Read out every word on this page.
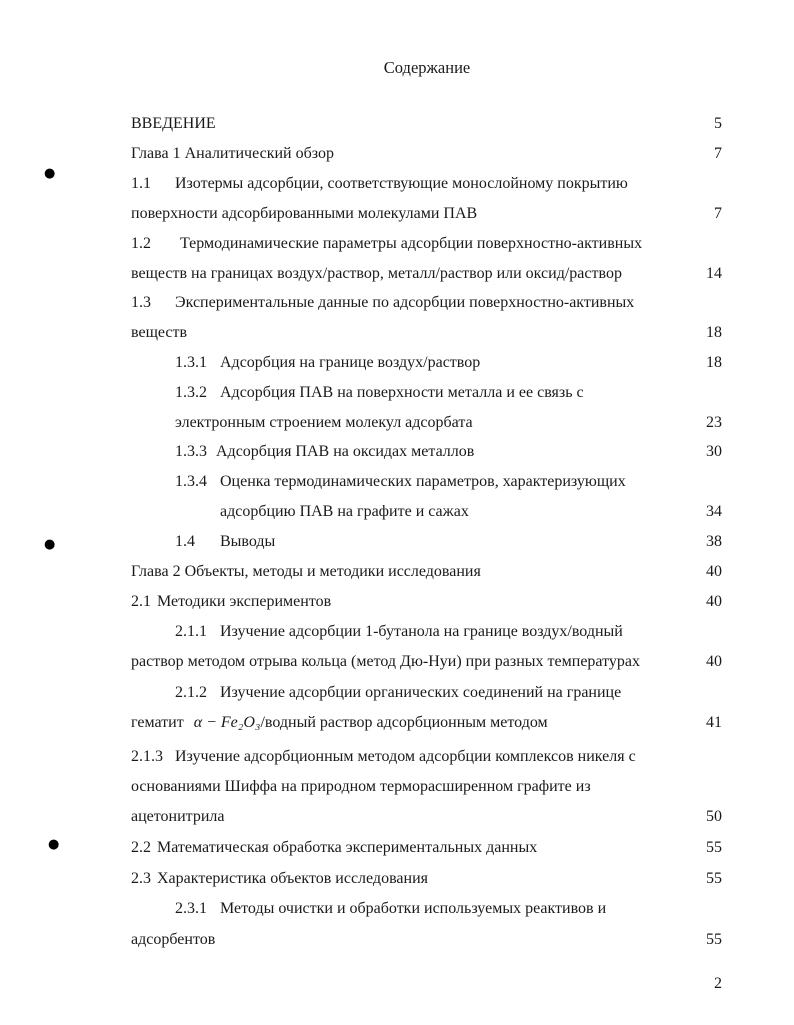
Содержание
ВВЕДЕНИЕ	5
Глава 1 Аналитический обзор	7
1.1 Изотермы адсорбции, соответствующие монослойному покрытию
поверхности адсорбированными молекулами ПАВ	7
1.2 Термодинамические параметры адсорбции поверхностно-активных
веществ на границах воздух/раствор, металл/раствор или оксид/раствор	14
1.3 Экспериментальные данные по адсорбции поверхностно-активных
веществ	18
1.3.1 Адсорбция на границе воздух/раствор	18
1.3.2 Адсорбция ПАВ на поверхности металла и ее связь с
электронным строением молекул адсорбата	23
1.3.3 Адсорбция ПАВ на оксидах металлов	30
1.3.4 Оценка термодинамических параметров, характеризующих
адсорбцию ПАВ на графите и сажах	34
1.4 Выводы	38
Глава 2 Объекты, методы и методики исследования	40
2.1 Методики экспериментов	40
2.1.1 Изучение адсорбции 1-бутанола на границе воздух/водный
раствор методом отрыва кольца (метод Дю-Нуи) при разных температурах	40
2.1.2 Изучение адсорбции органических соединений на границе
гематит α − Fe₂O₃/водный раствор адсорбционным методом	41
2.1.3 Изучение адсорбционным методом адсорбции комплексов никеля с
основаниями Шиффа на природном терморасширенном графите из
ацетонитрила	50
2.2 Математическая обработка экспериментальных данных	55
2.3 Характеристика объектов исследования	55
2.3.1 Методы очистки и обработки используемых реактивов и
адсорбентов	55
2
●
●
●
